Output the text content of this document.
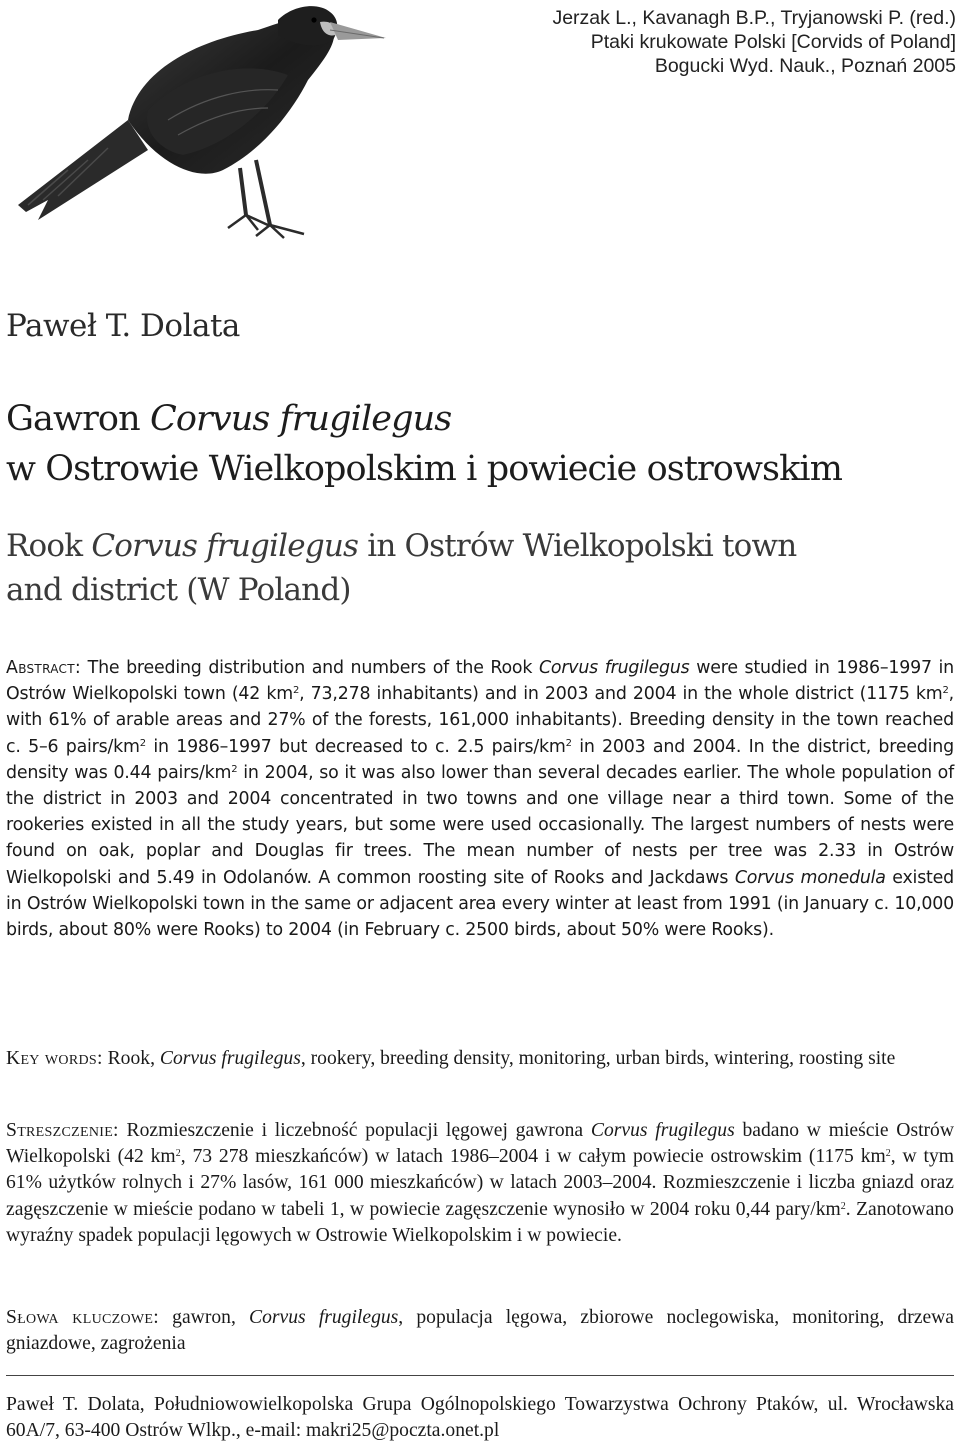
Jerzak L., Kavanagh B.P., Tryjanowski P. (red.)
Ptaki krukowate Polski [Corvids of Poland]
Bogucki Wyd. Nauk., Poznań 2005
Paweł T. Dolata
Gawron Corvus frugilegus
w Ostrowie Wielkopolskim i powiecie ostrowskim
Rook Corvus frugilegus in Ostrów Wielkopolski town
and district (W Poland)
Abstract: The breeding distribution and numbers of the Rook Corvus frugilegus were studied in 1986–1997 in Ostrów Wielkopolski town (42 $km^2$, 73,278 inhabitants) and in 2003 and 2004 in the whole district (1175 $km^2$, with 61% of arable areas and 27% of the forests, 161,000 inhabitants). Breeding density in the town reached c. 5–6 pairs/$km^2$ in 1986–1997 but decreased to c. 2.5 pairs/$km^2$ in 2003 and 2004. In the district, breeding density was 0.44 pairs/$km^2$ in 2004, so it was also lower than several decades earlier. The whole population of the district in 2003 and 2004 concentrated in two towns and one village near a third town. Some of the rookeries existed in all the study years, but some were used occasionally. The largest numbers of nests were found on oak, poplar and Douglas fir trees. The mean number of nests per tree was 2.33 in Ostrów Wielkopolski and 5.49 in Odolanów. A common roosting site of Rooks and Jackdaws Corvus monedula existed in Ostrów Wielkopolski town in the same or adjacent area every winter at least from 1991 (in January c. 10,000 birds, about 80% were Rooks) to 2004 (in February c. 2500 birds, about 50% were Rooks).
Key words: Rook, Corvus frugilegus, rookery, breeding density, monitoring, urban birds, wintering, roosting site
Streszczenie: Rozmieszczenie i liczebność populacji lęgowej gawrona Corvus frugilegus badano w mieście Ostrów Wielkopolski (42 $km^2$, 73 278 mieszkańców) w latach 1986–2004 i w całym powiecie ostrowskim (1175 $km^2$, w tym 61% użytków rolnych i 27% lasów, 161 000 mieszkańców) w latach 2003–2004. Rozmieszczenie i liczba gniazd oraz zagęszczenie w mieście podano w tabeli 1, w powiecie zagęszczenie wynosiło w 2004 roku 0,44 pary/$km^2$. Zanotowano wyraźny spadek populacji lęgowych w Ostrowie Wielkopolskim i w powiecie.
Słowa kluczowe: gawron, Corvus frugilegus, populacja lęgowa, zbiorowe noclegowiska, monitoring, drzewa gniazdowe, zagrożenia
Paweł T. Dolata, Południowowielkopolska Grupa Ogólnopolskiego Towarzystwa Ochrony Ptaków, ul. Wrocławska 60A/7, 63-400 Ostrów Wlkp., e-mail: makri25@poczta.onet.pl
